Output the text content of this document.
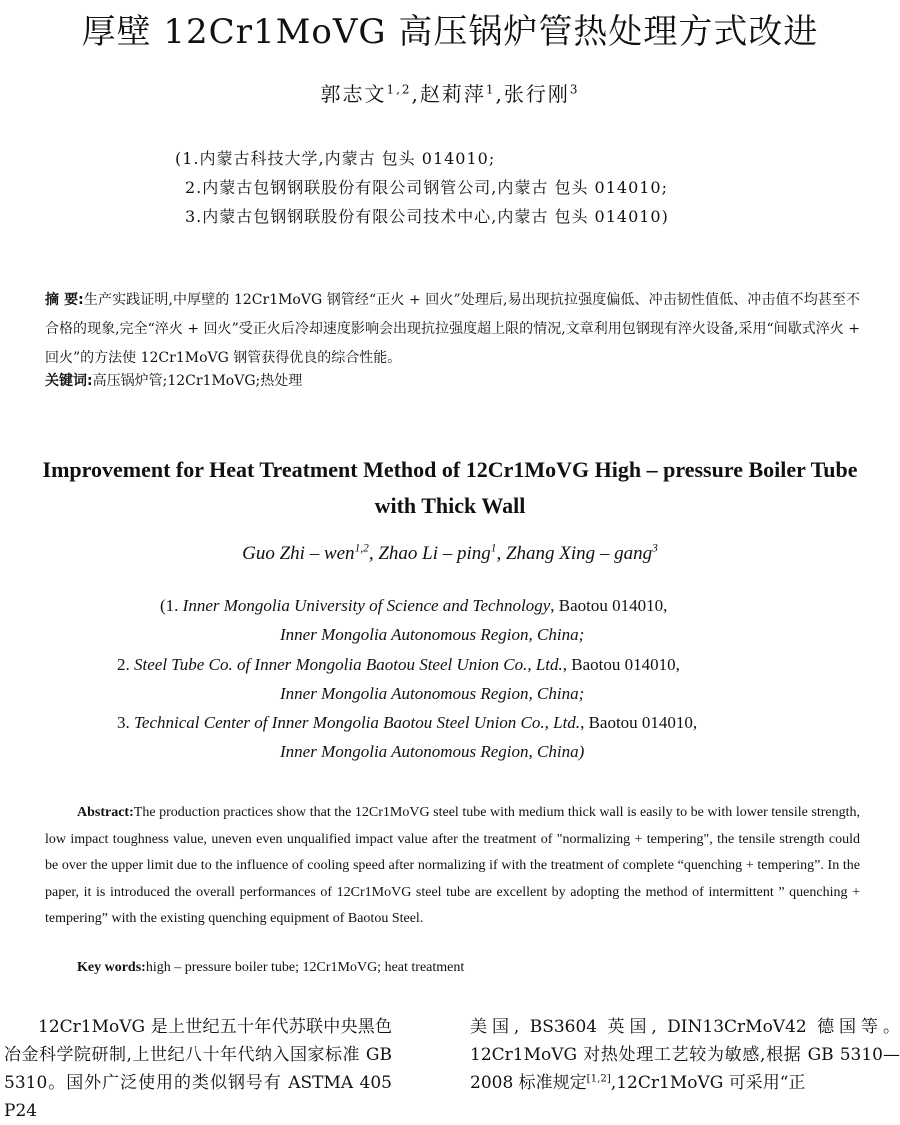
厚壁 12Cr1MoVG 高压锅炉管热处理方式改进
郭志文$^{1,2}$,赵莉萍$^1$,张行刚$^3$
(1.内蒙古科技大学,内蒙古 包头 014010;
2.内蒙古包钢钢联股份有限公司钢管公司,内蒙古 包头 014010;
3.内蒙古包钢钢联股份有限公司技术中心,内蒙古 包头 014010)
摘 要:生产实践证明,中厚壁的 12Cr1MoVG 钢管经“正火 + 回火”处理后,易出现抗拉强度偏低、冲击韧性值低、冲击值不均甚至不合格的现象,完全“淬火 + 回火”受正火后冷却速度影响会出现抗拉强度超上限的情况,文章利用包钢现有淬火设备,采用“间歇式淬火 + 回火”的方法使 12Cr1MoVG 钢管获得优良的综合性能。
关键词:高压锅炉管;12Cr1MoVG;热处理
Improvement for Heat Treatment Method of 12Cr1MoVG High – pressure Boiler Tube with Thick Wall
Guo Zhi – wen$^{1,2}$, Zhao Li – ping$^1$, Zhang Xing – gang$^3$
(1. Inner Mongolia University of Science and Technology, Baotou 014010,
Inner Mongolia Autonomous Region, China;
2. Steel Tube Co. of Inner Mongolia Baotou Steel Union Co., Ltd., Baotou 014010,
Inner Mongolia Autonomous Region, China;
3. Technical Center of Inner Mongolia Baotou Steel Union Co., Ltd., Baotou 014010,
Inner Mongolia Autonomous Region, China)
Abstract:The production practices show that the 12Cr1MoVG steel tube with medium thick wall is easily to be with lower tensile strength, low impact toughness value, uneven even unqualified impact value after the treatment of "normalizing + tempering", the tensile strength could be over the upper limit due to the influence of cooling speed after normalizing if with the treatment of complete “quenching + tempering”. In the paper, it is introduced the overall performances of 12Cr1MoVG steel tube are excellent by adopting the method of intermittent ” quenching + tempering” with the existing quenching equipment of Baotou Steel.
Key words:high – pressure boiler tube; 12Cr1MoVG; heat treatment
12Cr1MoVG 是上世纪五十年代苏联中央黑色冶金科学院研制,上世纪八十年代纳入国家标准 GB 5310。国外广泛使用的类似钢号有 ASTMA 405 P24
美国, BS3604 英国, DIN13CrMoV42 德国等。12Cr1MoVG 对热处理工艺较为敏感,根据 GB 5310—2008 标准规定[1,2],12Cr1MoVG 可采用“正
